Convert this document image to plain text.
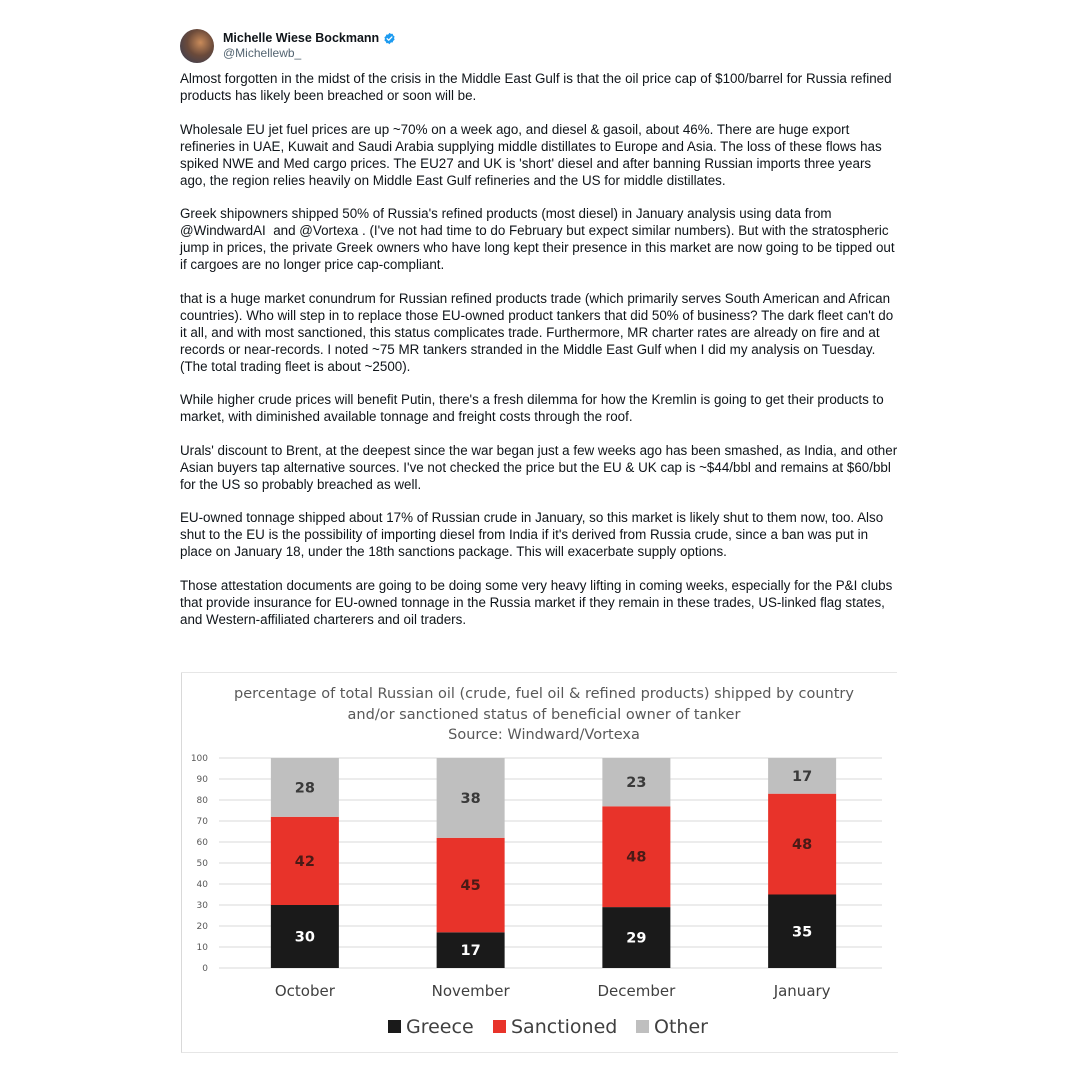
Michelle Wiese Bockmann
@Michellewb_

Almost forgotten in the midst of the crisis in the Middle East Gulf is that the oil price cap of $100/barrel for Russia refined products has likely been breached or soon will be.

Wholesale EU jet fuel prices are up ~70% on a week ago, and diesel & gasoil, about 46%. There are huge export refineries in UAE, Kuwait and Saudi Arabia supplying middle distillates to Europe and Asia. The loss of these flows has spiked NWE and Med cargo prices. The EU27 and UK is 'short' diesel and after banning Russian imports three years ago, the region relies heavily on Middle East Gulf refineries and the US for middle distillates.

Greek shipowners shipped 50% of Russia's refined products (most diesel) in January analysis using data from @WindwardAI  and @Vortexa . (I've not had time to do February but expect similar numbers). But with the stratospheric jump in prices, the private Greek owners who have long kept their presence in this market are now going to be tipped out if cargoes are no longer price cap-compliant.

that is a huge market conundrum for Russian refined products trade (which primarily serves South American and African countries). Who will step in to replace those EU-owned product tankers that did 50% of business? The dark fleet can't do it all, and with most sanctioned, this status complicates trade. Furthermore, MR charter rates are already on fire and at records or near-records. I noted ~75 MR tankers stranded in the Middle East Gulf when I did my analysis on Tuesday. (The total trading fleet is about ~2500).

While higher crude prices will benefit Putin, there's a fresh dilemma for how the Kremlin is going to get their products to market, with diminished available tonnage and freight costs through the roof.

Urals' discount to Brent, at the deepest since the war began just a few weeks ago has been smashed, as India, and other Asian buyers tap alternative sources. I've not checked the price but the EU & UK cap is ~$44/bbl and remains at $60/bbl for the US so probably breached as well.

EU-owned tonnage shipped about 17% of Russian crude in January, so this market is likely shut to them now, too. Also shut to the EU is the possibility of importing diesel from India if it's derived from Russia crude, since a ban was put in place on January 18, under the 18th sanctions package. This will exacerbate supply options.

Those attestation documents are going to be doing some very heavy lifting in coming weeks, especially for the P&I clubs that provide insurance for EU-owned tonnage in the Russia market if they remain in these trades, US-linked flag states, and Western-affiliated charterers and oil traders.

percentage of total Russian oil (crude, fuel oil & refined products) shipped by country
and/or sanctioned status of beneficial owner of tanker
Source: Windward/Vortexa
0
10
20
30
40
50
60
70
80
90
100
30
42
28
October
17
45
38
November
29
48
23
December
35
48
17
January
Greece Sanctioned Other
